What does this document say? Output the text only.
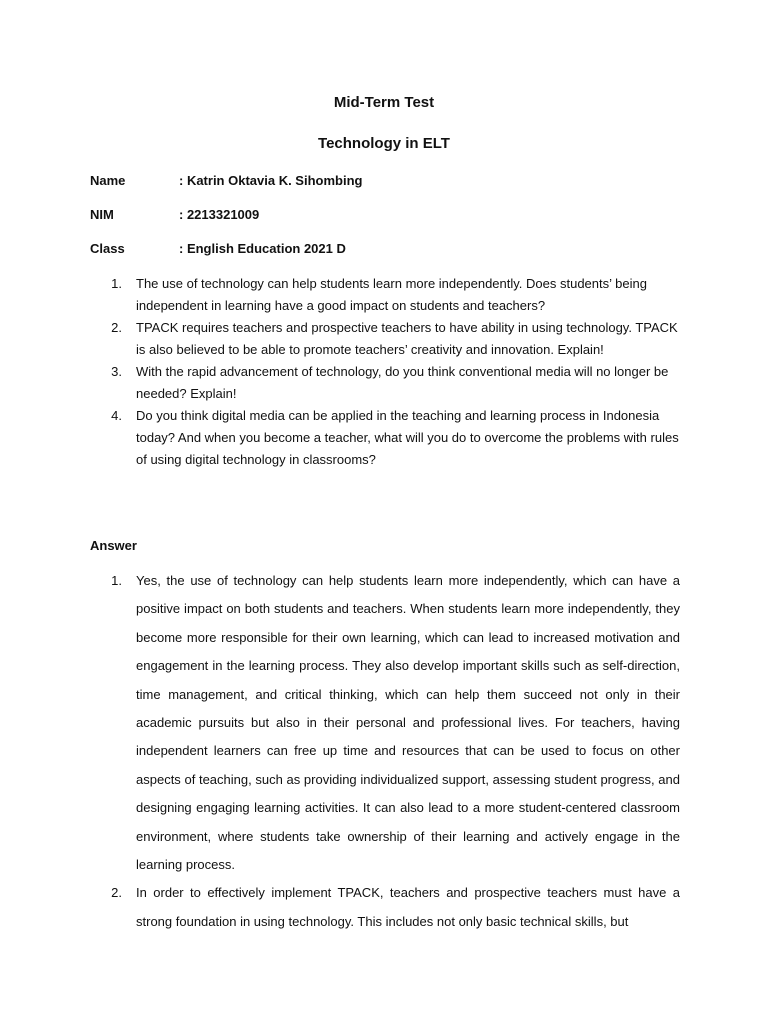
Mid-Term Test
Technology in ELT
Name	: Katrin Oktavia K. Sihombing
NIM	: 2213321009
Class	: English Education 2021 D
1.	The use of technology can help students learn more independently. Does students’ being independent in learning have a good impact on students and teachers?
2.	TPACK requires teachers and prospective teachers to have ability in using technology. TPACK is also believed to be able to promote teachers’ creativity and innovation. Explain!
3.	With the rapid advancement of technology, do you think conventional media will no longer be needed? Explain!
4.	Do you think digital media can be applied in the teaching and learning process in Indonesia today? And when you become a teacher, what will you do to overcome the problems with rules of using digital technology in classrooms?
Answer
1.	Yes, the use of technology can help students learn more independently, which can have a positive impact on both students and teachers. When students learn more independently, they become more responsible for their own learning, which can lead to increased motivation and engagement in the learning process. They also develop important skills such as self-direction, time management, and critical thinking, which can help them succeed not only in their academic pursuits but also in their personal and professional lives. For teachers, having independent learners can free up time and resources that can be used to focus on other aspects of teaching, such as providing individualized support, assessing student progress, and designing engaging learning activities. It can also lead to a more student-centered classroom environment, where students take ownership of their learning and actively engage in the learning process.
2.	In order to effectively implement TPACK, teachers and prospective teachers must have a strong foundation in using technology. This includes not only basic technical skills, but
